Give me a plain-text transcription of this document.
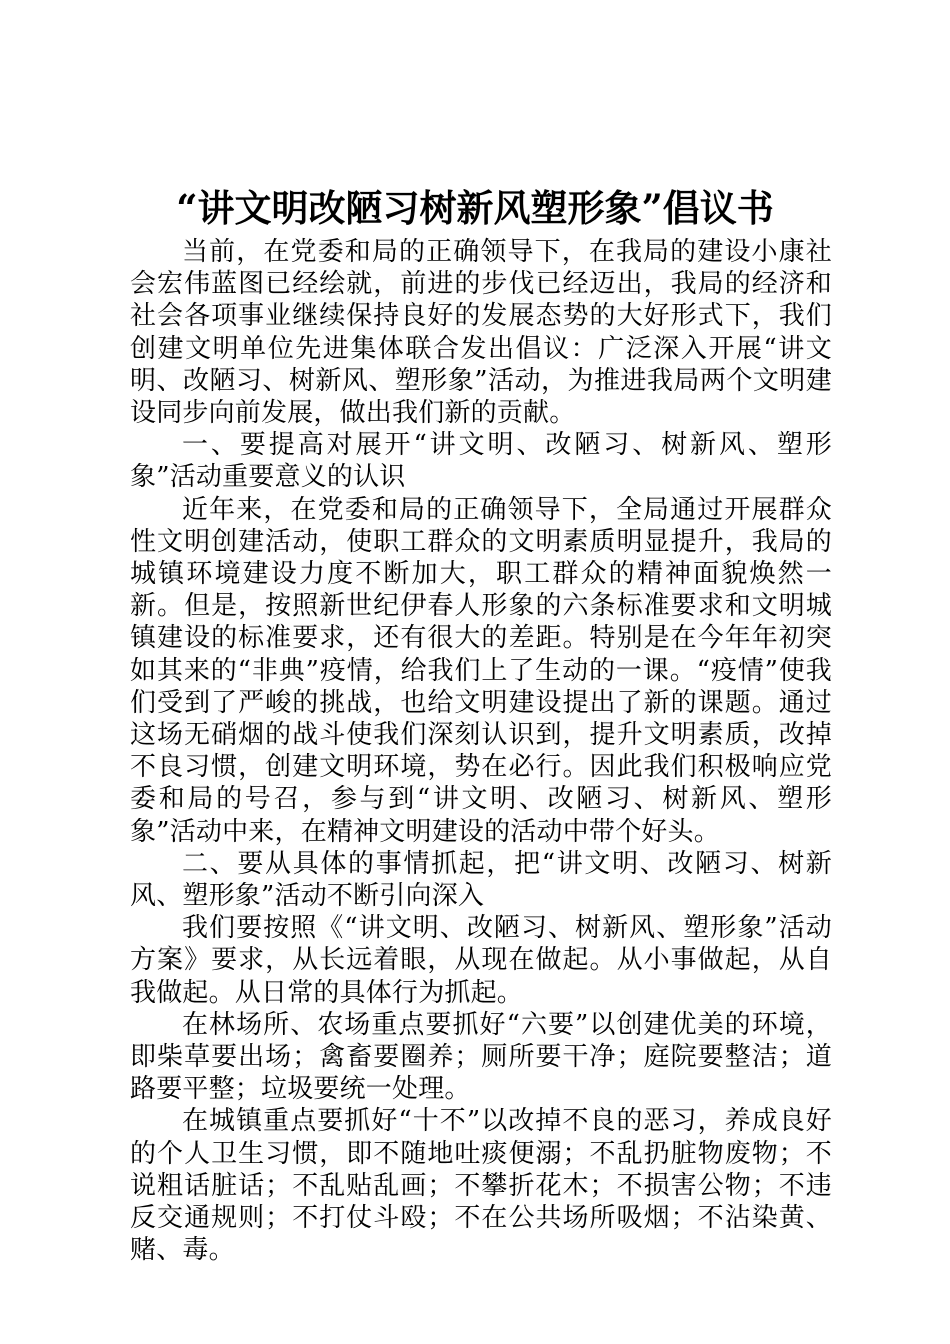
“讲文明改陋习树新风塑形象”倡议书

当前，在党委和局的正确领导下，在我局的建设小康社会宏伟蓝图已经绘就，前进的步伐已经迈出，我局的经济和社会各项事业继续保持良好的发展态势的大好形式下，我们创建文明单位先进集体联合发出倡议：广泛深入开展“讲文明、改陋习、树新风、塑形象”活动，为推进我局两个文明建设同步向前发展，做出我们新的贡献。

一、要提高对展开“讲文明、改陋习、树新风、塑形象”活动重要意义的认识

近年来，在党委和局的正确领导下，全局通过开展群众性文明创建活动，使职工群众的文明素质明显提升，我局的城镇环境建设力度不断加大，职工群众的精神面貌焕然一新。但是，按照新世纪伊春人形象的六条标准要求和文明城镇建设的标准要求，还有很大的差距。特别是在今年年初突如其来的“非典”疫情，给我们上了生动的一课。“疫情”使我们受到了严峻的挑战，也给文明建设提出了新的课题。通过这场无硝烟的战斗使我们深刻认识到，提升文明素质，改掉不良习惯，创建文明环境，势在必行。因此我们积极响应党委和局的号召，参与到“讲文明、改陋习、树新风、塑形象”活动中来，在精神文明建设的活动中带个好头。

二、要从具体的事情抓起，把“讲文明、改陋习、树新风、塑形象”活动不断引向深入

我们要按照《“讲文明、改陋习、树新风、塑形象”活动方案》要求，从长远着眼，从现在做起。从小事做起，从自我做起。从日常的具体行为抓起。

在林场所、农场重点要抓好“六要”以创建优美的环境，即柴草要出场；禽畜要圈养；厕所要干净；庭院要整洁；道路要平整；垃圾要统一处理。

在城镇重点要抓好“十不”以改掉不良的恶习，养成良好的个人卫生习惯，即不随地吐痰便溺；不乱扔脏物废物；不说粗话脏话；不乱贴乱画；不攀折花木；不损害公物；不违反交通规则；不打仗斗殴；不在公共场所吸烟；不沾染黄、赌、毒。
